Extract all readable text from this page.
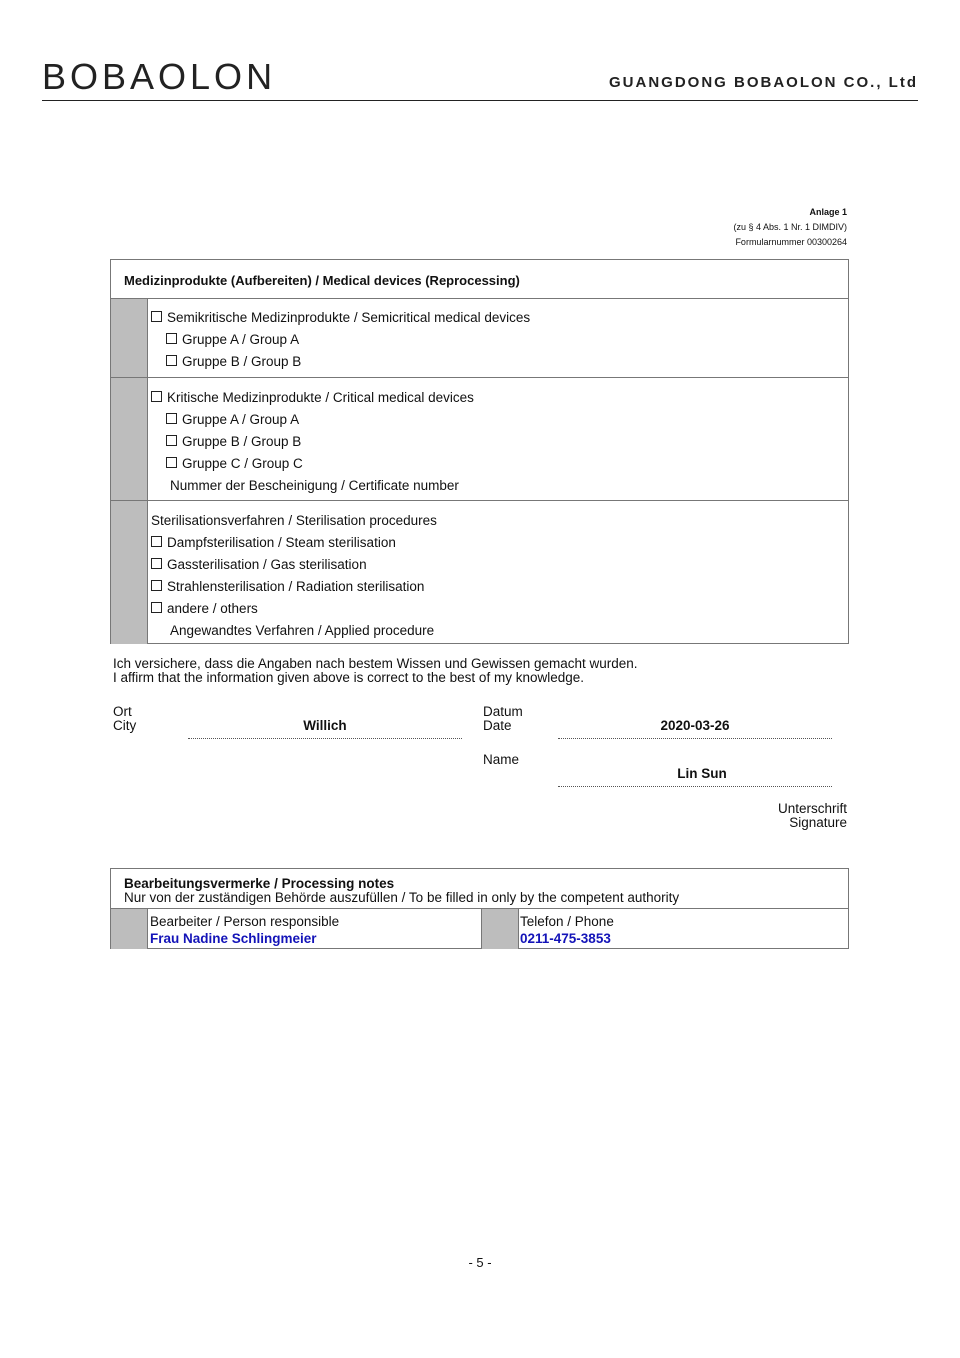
BOBAOLON	GUANGDONG BOBAOLON CO., Ltd
Anlage 1
(zu § 4 Abs. 1 Nr. 1 DIMDIV)
Formularnummer 00300264
Medizinprodukte (Aufbereiten) / Medical devices (Reprocessing)
Semikritische Medizinprodukte / Semicritical medical devices
Gruppe A / Group A
Gruppe B / Group B
Kritische Medizinprodukte / Critical medical devices
Gruppe A / Group A
Gruppe B / Group B
Gruppe C / Group C
Nummer der Bescheinigung / Certificate number
Sterilisationsverfahren / Sterilisation procedures
Dampfsterilisation / Steam sterilisation
Gassterilisation / Gas sterilisation
Strahlensterilisation / Radiation sterilisation
andere / others
Angewandtes Verfahren / Applied procedure
Ich versichere, dass die Angaben nach bestem Wissen und Gewissen gemacht wurden.
I affirm that the information given above is correct to the best of my knowledge.
Ort
City	Willich
Datum
Date	2020-03-26
Name
Lin Sun
Unterschrift
Signature
Bearbeitungsvermerke / Processing notes
Nur von der zuständigen Behörde auszufüllen / To be filled in only by the competent authority
Bearbeiter / Person responsible
Frau Nadine Schlingmeier
Telefon / Phone
0211-475-3853
- 5 -
